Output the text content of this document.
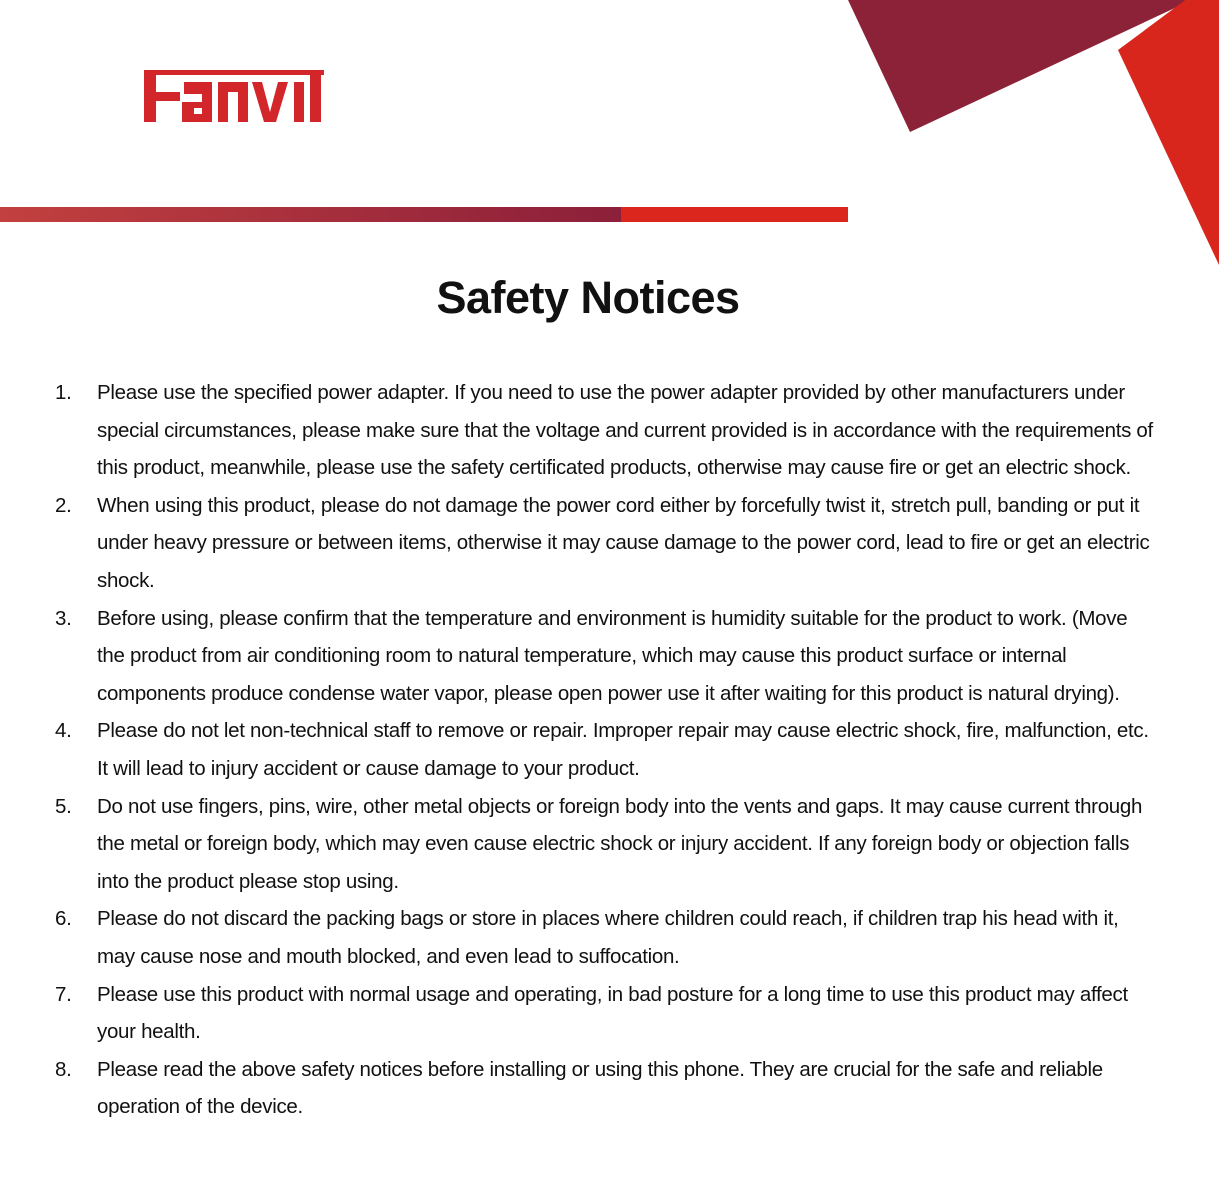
Safety Notices
1. Please use the specified power adapter. If you need to use the power adapter provided by other manufacturers under special circumstances, please make sure that the voltage and current provided is in accordance with the requirements of this product, meanwhile, please use the safety certificated products, otherwise may cause fire or get an electric shock.
2. When using this product, please do not damage the power cord either by forcefully twist it, stretch pull, banding or put it under heavy pressure or between items, otherwise it may cause damage to the power cord, lead to fire or get an electric shock.
3. Before using, please confirm that the temperature and environment is humidity suitable for the product to work. (Move the product from air conditioning room to natural temperature, which may cause this product surface or internal components produce condense water vapor, please open power use it after waiting for this product is natural drying).
4. Please do not let non-technical staff to remove or repair. Improper repair may cause electric shock, fire, malfunction, etc. It will lead to injury accident or cause damage to your product.
5. Do not use fingers, pins, wire, other metal objects or foreign body into the vents and gaps. It may cause current through the metal or foreign body, which may even cause electric shock or injury accident. If any foreign body or objection falls into the product please stop using.
6. Please do not discard the packing bags or store in places where children could reach, if children trap his head with it, may cause nose and mouth blocked, and even lead to suffocation.
7. Please use this product with normal usage and operating, in bad posture for a long time to use this product may affect your health.
8. Please read the above safety notices before installing or using this phone. They are crucial for the safe and reliable operation of the device.
